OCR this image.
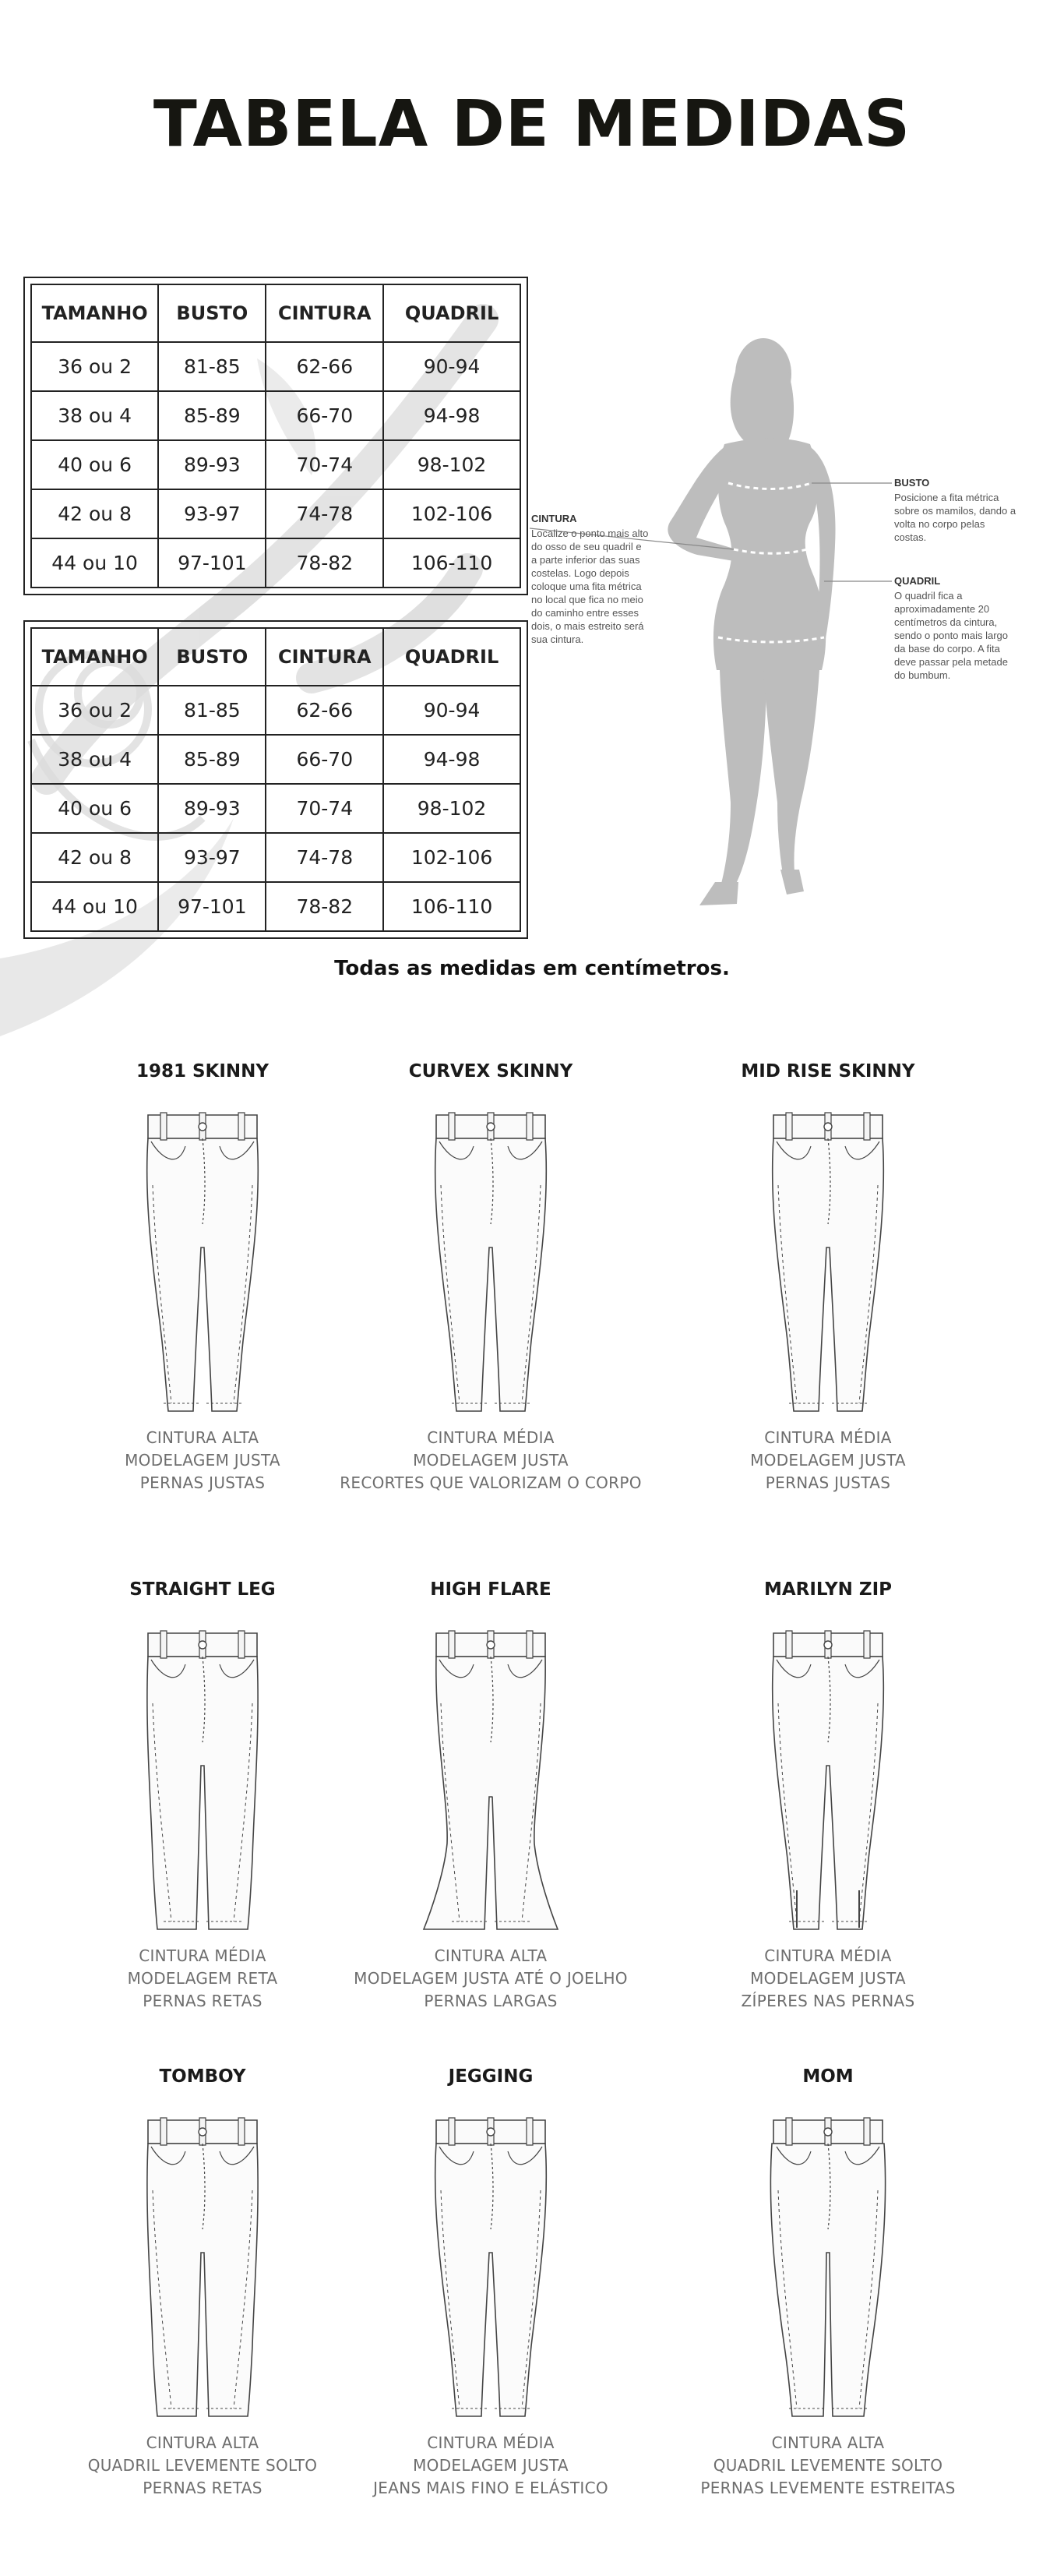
TABELA DE MEDIDAS
TAMANHO	BUSTO	CINTURA	QUADRIL
36 ou 2	81-85	62-66	90-94
38 ou 4	85-89	66-70	94-98
40 ou 6	89-93	70-74	98-102
42 ou 8	93-97	74-78	102-106
44 ou 10	97-101	78-82	106-110
TAMANHO	BUSTO	CINTURA	QUADRIL
36 ou 2	81-85	62-66	90-94
38 ou 4	85-89	66-70	94-98
40 ou 6	89-93	70-74	98-102
42 ou 8	93-97	74-78	102-106
44 ou 10	97-101	78-82	106-110
BUSTO
Posicione a fita métrica
sobre os mamilos, dando a
volta no corpo pelas
costas.
CINTURA
Localize o ponto mais alto
do osso de seu quadril e
a parte inferior das suas
costelas. Logo depois
coloque uma fita métrica
no local que fica no meio
do caminho entre esses
dois, o mais estreito será
sua cintura.
QUADRIL
O quadril fica a
aproximadamente 20
centímetros da cintura,
sendo o ponto mais largo
da base do corpo. A fita
deve passar pela metade
do bumbum.
Todas as medidas em centímetros.
1981 SKINNY
CINTURA ALTA
MODELAGEM JUSTA
PERNAS JUSTAS
CURVEX SKINNY
CINTURA MÉDIA
MODELAGEM JUSTA
RECORTES QUE VALORIZAM O CORPO
MID RISE SKINNY
CINTURA MÉDIA
MODELAGEM JUSTA
PERNAS JUSTAS
STRAIGHT LEG
CINTURA MÉDIA
MODELAGEM RETA
PERNAS RETAS
HIGH FLARE
CINTURA ALTA
MODELAGEM JUSTA ATÉ O JOELHO
PERNAS LARGAS
MARILYN ZIP
CINTURA MÉDIA
MODELAGEM JUSTA
ZÍPERES NAS PERNAS
TOMBOY
CINTURA ALTA
QUADRIL LEVEMENTE SOLTO
PERNAS RETAS
JEGGING
CINTURA MÉDIA
MODELAGEM JUSTA
JEANS MAIS FINO E ELÁSTICO
MOM
CINTURA ALTA
QUADRIL LEVEMENTE SOLTO
PERNAS LEVEMENTE ESTREITAS
